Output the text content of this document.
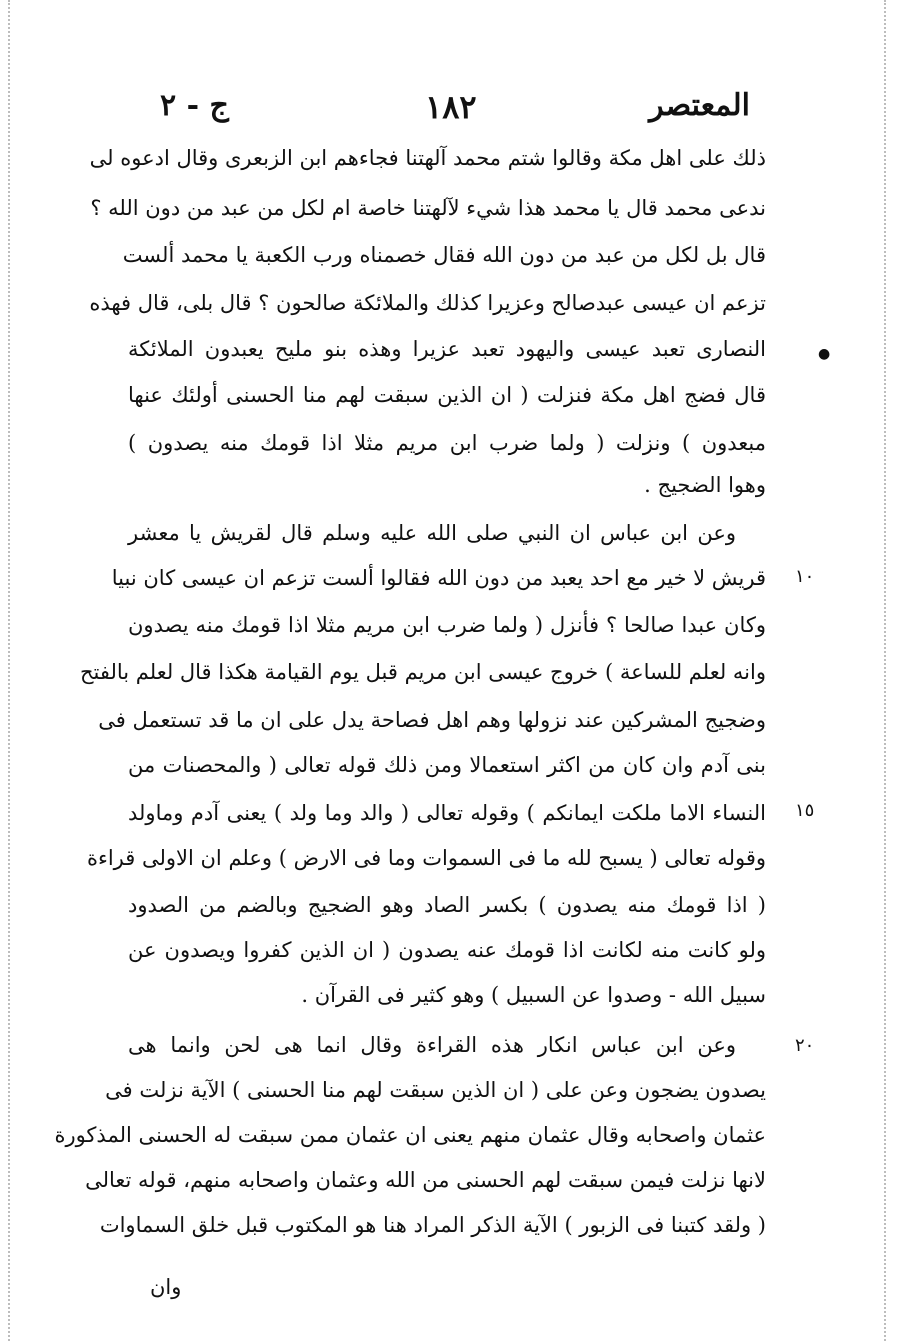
المعتصر
١٨٢
ج - ٢
●
ذلك على اهل مكة وقالوا شتم محمد آلهتنا فجاءهم ابن الزبعرى وقال ادعوه لى
ندعى محمد قال يا محمد هذا شيء لآلهتنا خاصة ام لكل من عبد من دون الله ؟
قال بل لكل من عبد من دون الله فقال خصمناه ورب الكعبة يا محمد ألست
تزعم ان عيسى عبدصالح وعزيرا كذلك والملائكة صالحون ؟ قال بلى، قال فهذه
النصارى تعبد عيسى واليهود تعبد عزيرا وهذه بنو مليح يعبدون الملائكة
قال فضج اهل مكة فنزلت ( ان الذين سبقت لهم منا الحسنى أولئك عنها
مبعدون ) ونزلت ( ولما ضرب ابن مريم مثلا اذا قومك منه يصدون )
وهوا الضجيج .
وعن ابن عباس ان النبي صلى الله عليه وسلم قال لقريش يا معشر
قريش لا خير مع احد يعبد من دون الله فقالوا ألست تزعم ان عيسى كان نبيا
وكان عبدا صالحا ؟ فأنزل ( ولما ضرب ابن مريم مثلا اذا قومك منه يصدون
وانه لعلم للساعة ) خروج عيسى ابن مريم قبل يوم القيامة هكذا قال لعلم بالفتح
وضجيج المشركين عند نزولها وهم اهل فصاحة يدل على ان ما قد تستعمل فى
بنى آدم وان كان من اكثر استعمالا ومن ذلك قوله تعالى ( والمحصنات من
النساء الاما ملكت ايمانكم ) وقوله تعالى ( والد وما ولد ) يعنى آدم وماولد
وقوله تعالى ( يسبح لله ما فى السموات وما فى الارض ) وعلم ان الاولى قراءة
( اذا قومك منه يصدون ) بكسر الصاد وهو الضجيج وبالضم من الصدود
ولو كانت منه لكانت اذا قومك عنه يصدون ( ان الذين كفروا ويصدون عن
سبيل الله - وصدوا عن السبيل ) وهو كثير فى القرآن .
وعن ابن عباس انكار هذه القراءة وقال انما هى لحن وانما هى
يصدون يضجون وعن على ( ان الذين سبقت لهم منا الحسنى ) الآية نزلت فى
عثمان واصحابه وقال عثمان منهم يعنى ان عثمان ممن سبقت له الحسنى المذكورة
لانها نزلت فيمن سبقت لهم الحسنى من الله وعثمان واصحابه منهم، قوله تعالى
( ولقد كتبنا فى الزبور ) الآية الذكر المراد هنا هو المكتوب قبل خلق السماوات
وان
١٠
١٥
٢٠
